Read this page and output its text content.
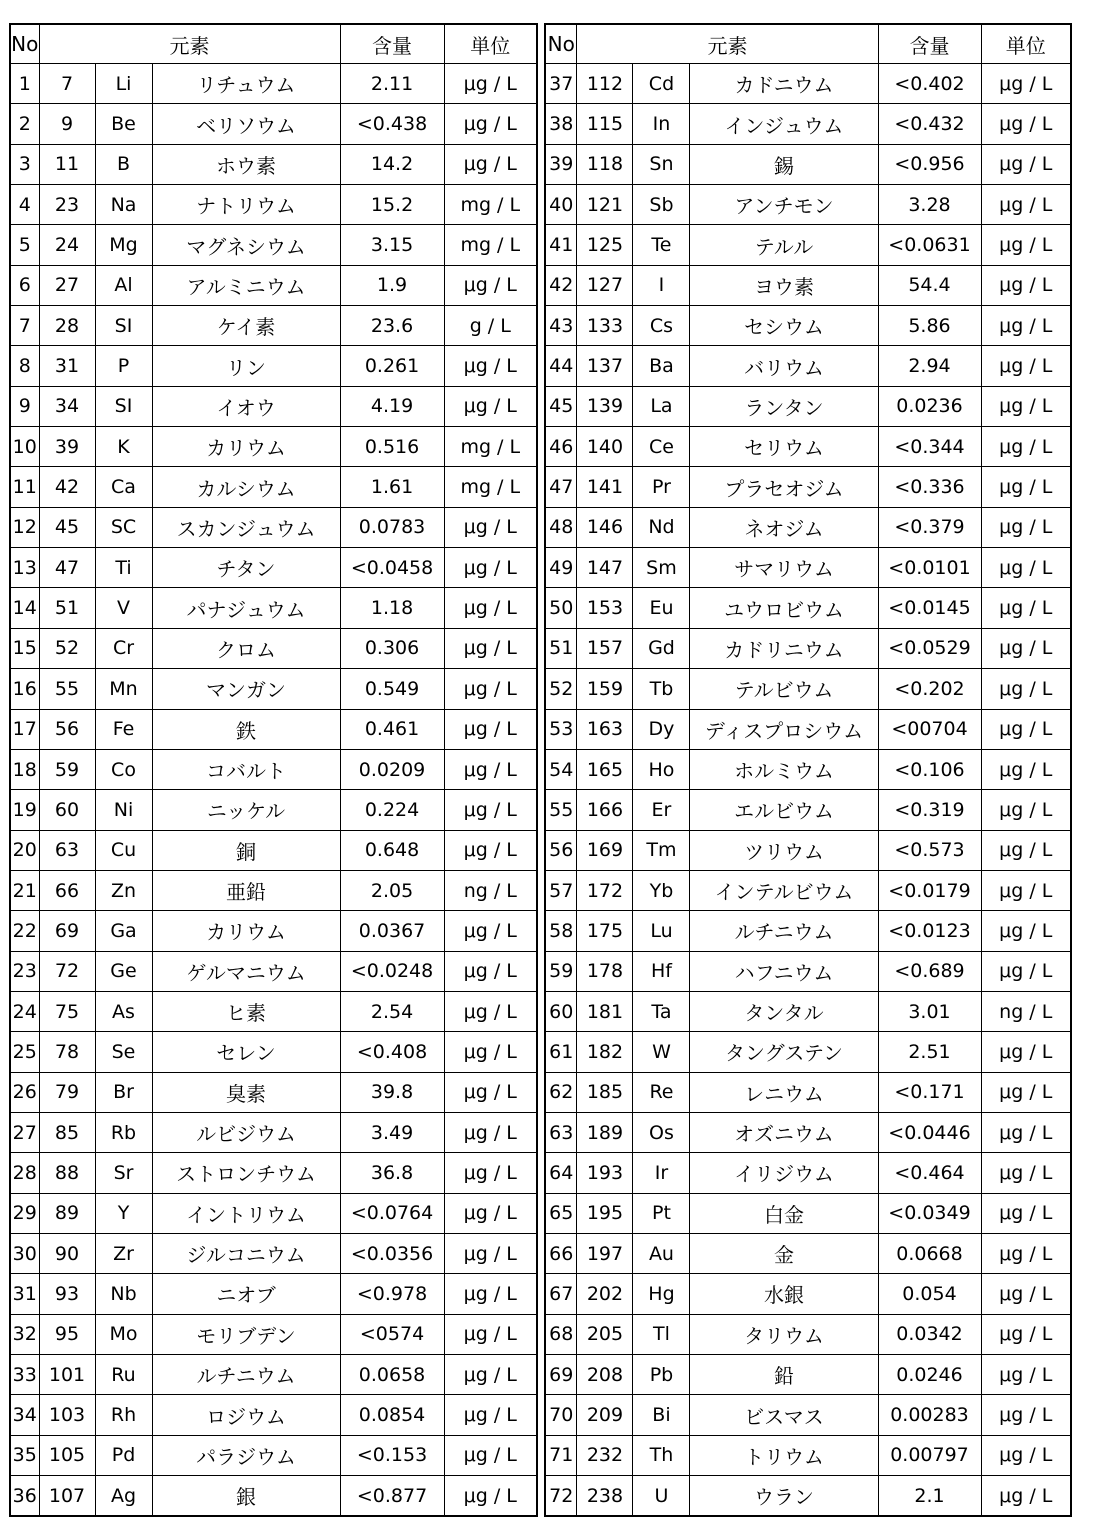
No	元素			含量	単位
1	7	Li	リチュウム	2.11	μg / L
2	9	Be	ベリソウム	<0.438	μg / L
3	11	B	ホウ素	14.2	μg / L
4	23	Na	ナトリウム	15.2	mg / L
5	24	Mg	マグネシウム	3.15	mg / L
6	27	Al	アルミニウム	1.9	μg / L
7	28	SI	ケイ素	23.6	g / L
8	31	P	リン	0.261	μg / L
9	34	SI	イオウ	4.19	μg / L
10	39	K	カリウム	0.516	mg / L
11	42	Ca	カルシウム	1.61	mg / L
12	45	SC	スカンジュウム	0.0783	μg / L
13	47	Ti	チタン	<0.0458	μg / L
14	51	V	パナジュウム	1.18	μg / L
15	52	Cr	クロム	0.306	μg / L
16	55	Mn	マンガン	0.549	μg / L
17	56	Fe	鉄	0.461	μg / L
18	59	Co	コバルト	0.0209	μg / L
19	60	Ni	ニッケル	0.224	μg / L
20	63	Cu	銅	0.648	μg / L
21	66	Zn	亜鉛	2.05	ng / L
22	69	Ga	カリウム	0.0367	μg / L
23	72	Ge	ゲルマニウム	<0.0248	μg / L
24	75	As	ヒ素	2.54	μg / L
25	78	Se	セレン	<0.408	μg / L
26	79	Br	臭素	39.8	μg / L
27	85	Rb	ルビジウム	3.49	μg / L
28	88	Sr	ストロンチウム	36.8	μg / L
29	89	Y	イントリウム	<0.0764	μg / L
30	90	Zr	ジルコニウム	<0.0356	μg / L
31	93	Nb	ニオブ	<0.978	μg / L
32	95	Mo	モリブデン	<0574	μg / L
33	101	Ru	ルチニウム	0.0658	μg / L
34	103	Rh	ロジウム	0.0854	μg / L
35	105	Pd	パラジウム	<0.153	μg / L
36	107	Ag	銀	<0.877	μg / L
No	元素			含量	単位
37	112	Cd	カドニウム	<0.402	μg / L
38	115	In	インジュウム	<0.432	μg / L
39	118	Sn	錫	<0.956	μg / L
40	121	Sb	アンチモン	3.28	μg / L
41	125	Te	テルル	<0.0631	μg / L
42	127	I	ヨウ素	54.4	μg / L
43	133	Cs	セシウム	5.86	μg / L
44	137	Ba	バリウム	2.94	μg / L
45	139	La	ランタン	0.0236	μg / L
46	140	Ce	セリウム	<0.344	μg / L
47	141	Pr	プラセオジム	<0.336	μg / L
48	146	Nd	ネオジム	<0.379	μg / L
49	147	Sm	サマリウム	<0.0101	μg / L
50	153	Eu	ユウロビウム	<0.0145	μg / L
51	157	Gd	カドリニウム	<0.0529	μg / L
52	159	Tb	テルビウム	<0.202	μg / L
53	163	Dy	ディスプロシウム	<00704	μg / L
54	165	Ho	ホルミウム	<0.106	μg / L
55	166	Er	エルビウム	<0.319	μg / L
56	169	Tm	ツリウム	<0.573	μg / L
57	172	Yb	インテルビウム	<0.0179	μg / L
58	175	Lu	ルチニウム	<0.0123	μg / L
59	178	Hf	ハフニウム	<0.689	μg / L
60	181	Ta	タンタル	3.01	ng / L
61	182	W	タングステン	2.51	μg / L
62	185	Re	レニウム	<0.171	μg / L
63	189	Os	オズニウム	<0.0446	μg / L
64	193	Ir	イリジウム	<0.464	μg / L
65	195	Pt	白金	<0.0349	μg / L
66	197	Au	金	0.0668	μg / L
67	202	Hg	水銀	0.054	μg / L
68	205	Tl	タリウム	0.0342	μg / L
69	208	Pb	鉛	0.0246	μg / L
70	209	Bi	ビスマス	0.00283	μg / L
71	232	Th	トリウム	0.00797	μg / L
72	238	U	ウラン	2.1	μg / L
